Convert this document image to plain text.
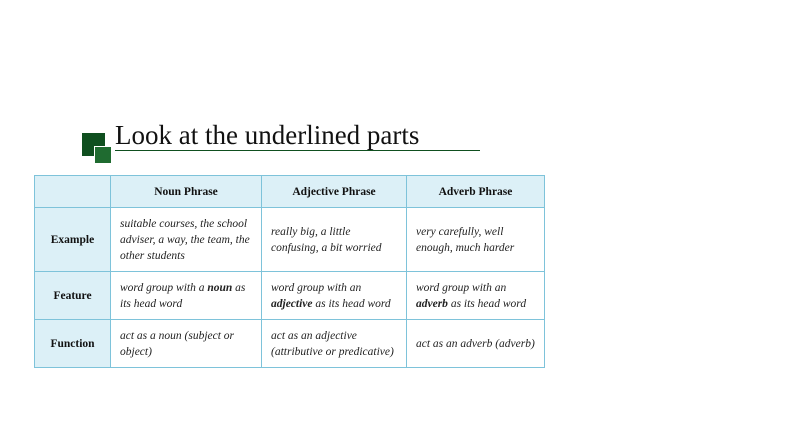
Look at the underlined parts
	Noun Phrase	Adjective Phrase	Adverb Phrase
Example	suitable courses, the school adviser, a way, the team, the other students	really big, a little confusing, a bit worried	very carefully, well enough, much harder
Feature	word group with a noun as its head word	word group with an adjective as its head word	word group with an adverb as its head word
Function	act as a noun (subject or object)	act as an adjective (attributive or predicative)	act as an adverb (adverb)
